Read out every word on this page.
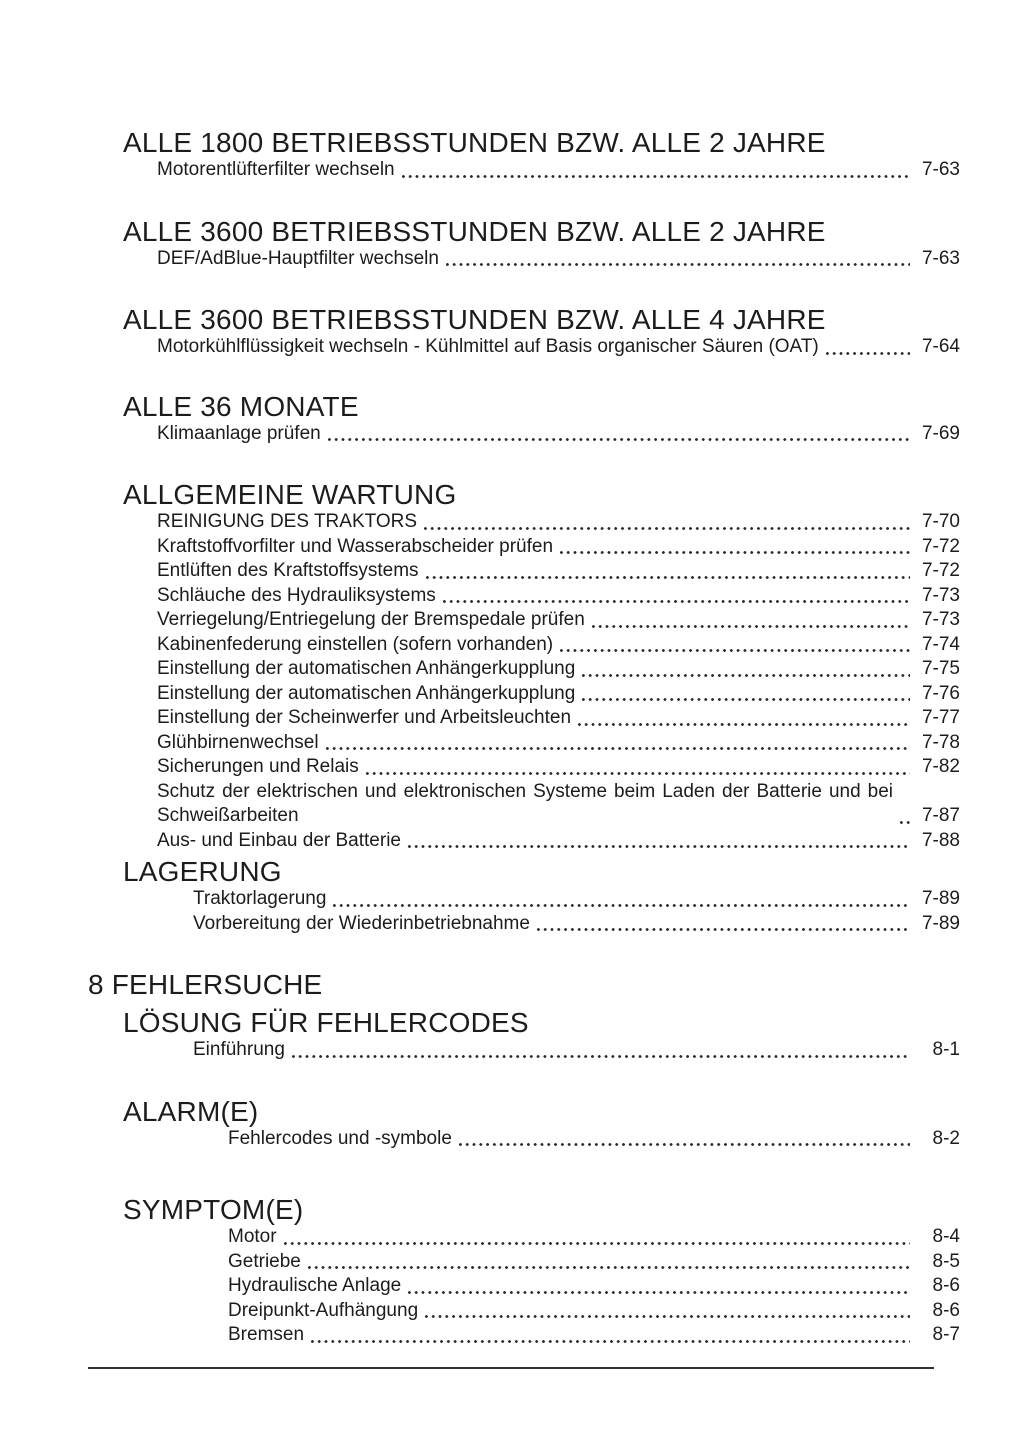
ALLE 1800 BETRIEBSSTUNDEN BZW. ALLE 2 JAHRE
Motorentlüfterfilter wechseln	7-63
ALLE 3600 BETRIEBSSTUNDEN BZW. ALLE 2 JAHRE
DEF/AdBlue-Hauptfilter wechseln	7-63
ALLE 3600 BETRIEBSSTUNDEN BZW. ALLE 4 JAHRE
Motorkühlflüssigkeit wechseln - Kühlmittel auf Basis organischer Säuren (OAT)	7-64
ALLE 36 MONATE
Klimaanlage prüfen	7-69
ALLGEMEINE WARTUNG
REINIGUNG DES TRAKTORS	7-70
Kraftstoffvorfilter und Wasserabscheider prüfen	7-72
Entlüften des Kraftstoffsystems	7-72
Schläuche des Hydrauliksystems	7-73
Verriegelung/Entriegelung der Bremspedale prüfen	7-73
Kabinenfederung einstellen (sofern vorhanden)	7-74
Einstellung der automatischen Anhängerkupplung	7-75
Einstellung der automatischen Anhängerkupplung	7-76
Einstellung der Scheinwerfer und Arbeitsleuchten	7-77
Glühbirnenwechsel	7-78
Sicherungen und Relais	7-82
Schutz der elektrischen und elektronischen Systeme beim Laden der Batterie und bei Schweißarbeiten	7-87
Aus- und Einbau der Batterie	7-88
LAGERUNG
Traktorlagerung	7-89
Vorbereitung der Wiederinbetriebnahme	7-89
8 FEHLERSUCHE
LÖSUNG FÜR FEHLERCODES
Einführung	8-1
ALARM(E)
Fehlercodes und -symbole	8-2
SYMPTOM(E)
Motor	8-4
Getriebe	8-5
Hydraulische Anlage	8-6
Dreipunkt-Aufhängung	8-6
Bremsen	8-7
